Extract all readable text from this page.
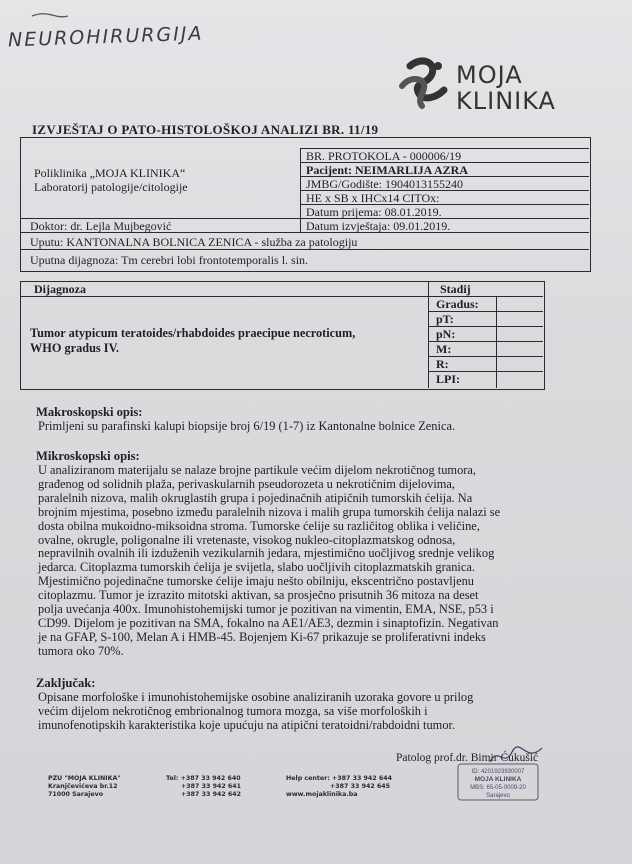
NEUROHIRURGIJA
MOJA
KLINIKA
IZVJEŠTAJ O PATO-HISTOLOŠKOJ ANALIZI BR. 11/19
Poliklinika „MOJA KLINIKA“
Laboratorij patologije/citologije
BR. PROTOKOLA - 000006/19
Pacijent: NEIMARLIJA AZRA
JMBG/Godište: 1904013155240
HE x SB x IHCx14 CITOx:
Datum prijema: 08.01.2019.
Doktor: dr. Lejla Mujbegović	Datum izvještaja: 09.01.2019.
Uputu: KANTONALNA BOLNICA ZENICA - služba za patologiju
Uputna dijagnoza: Tm cerebri lobi frontotemporalis l. sin.
Dijagnoza	Stadij
Tumor atypicum teratoides/rhabdoides praecipue necroticum,
WHO gradus IV.
Gradus:
pT:
pN:
M:
R:
LPI:
Makroskopski opis:
Primljeni su parafinski kalupi biopsije broj 6/19 (1-7) iz Kantonalne bolnice Zenica.
Mikroskopski opis:
U analiziranom materijalu se nalaze brojne partikule većim dijelom nekrotičnog tumora,
građenog od solidnih plaža, perivaskularnih pseudorozeta u nekrotičnim dijelovima,
paralelnih nizova, malih okruglastih grupa i pojedinačnih atipičnih tumorskih ćelija. Na
brojnim mjestima, posebno između paralelnih nizova i malih grupa tumorskih ćelija nalazi se
dosta obilna mukoidno-miksoidna stroma. Tumorske ćelije su različitog oblika i veličine,
ovalne, okrugle, poligonalne ili vretenaste, visokog nukleo-citoplazmatskog odnosa,
nepravilnih ovalnih ili izduženih vezikularnih jedara, mjestimično uočljivog srednje velikog
jedarca. Citoplazma tumorskih ćelija je svijetla, slabo uočljivih citoplazmatskih granica.
Mjestimično pojedinačne tumorske ćelije imaju nešto obilniju, ekscentrično postavljenu
citoplazmu. Tumor je izrazito mitotski aktivan, sa prosječno prisutnih 36 mitoza na deset
polja uvećanja 400x. Imunohistohemijski tumor je pozitivan na vimentin, EMA, NSE, p53 i
CD99. Dijelom je pozitivan na SMA, fokalno na AE1/AE3, dezmin i sinaptofizin. Negativan
je na GFAP, S-100, Melan A i HMB-45. Bojenjem Ki-67 prikazuje se proliferativni indeks
tumora oko 70%.
Zaključak:
Opisane morfološke i imunohistohemijske osobine analiziranih uzoraka govore u prilog
većim dijelom nekrotičnog embrionalnog tumora mozga, sa više morfoloških i
imunofenotipskih karakteristika koje upućuju na atipični teratoidni/rabdoidni tumor.
Patolog prof.dr. Bimir Ćukušić
ID: 4201923930007
MOJA KLINIKA
MBS: 65-05-0009-20
Sarajevo
PZU "MOJA KLINIKA"
Kranjčevićeva br.12
71000 Sarajevo
Tel: +387 33 942 640
+387 33 942 641
+387 33 942 642
Help center: +387 33 942 644
+387 33 942 645
www.mojaklinika.ba
